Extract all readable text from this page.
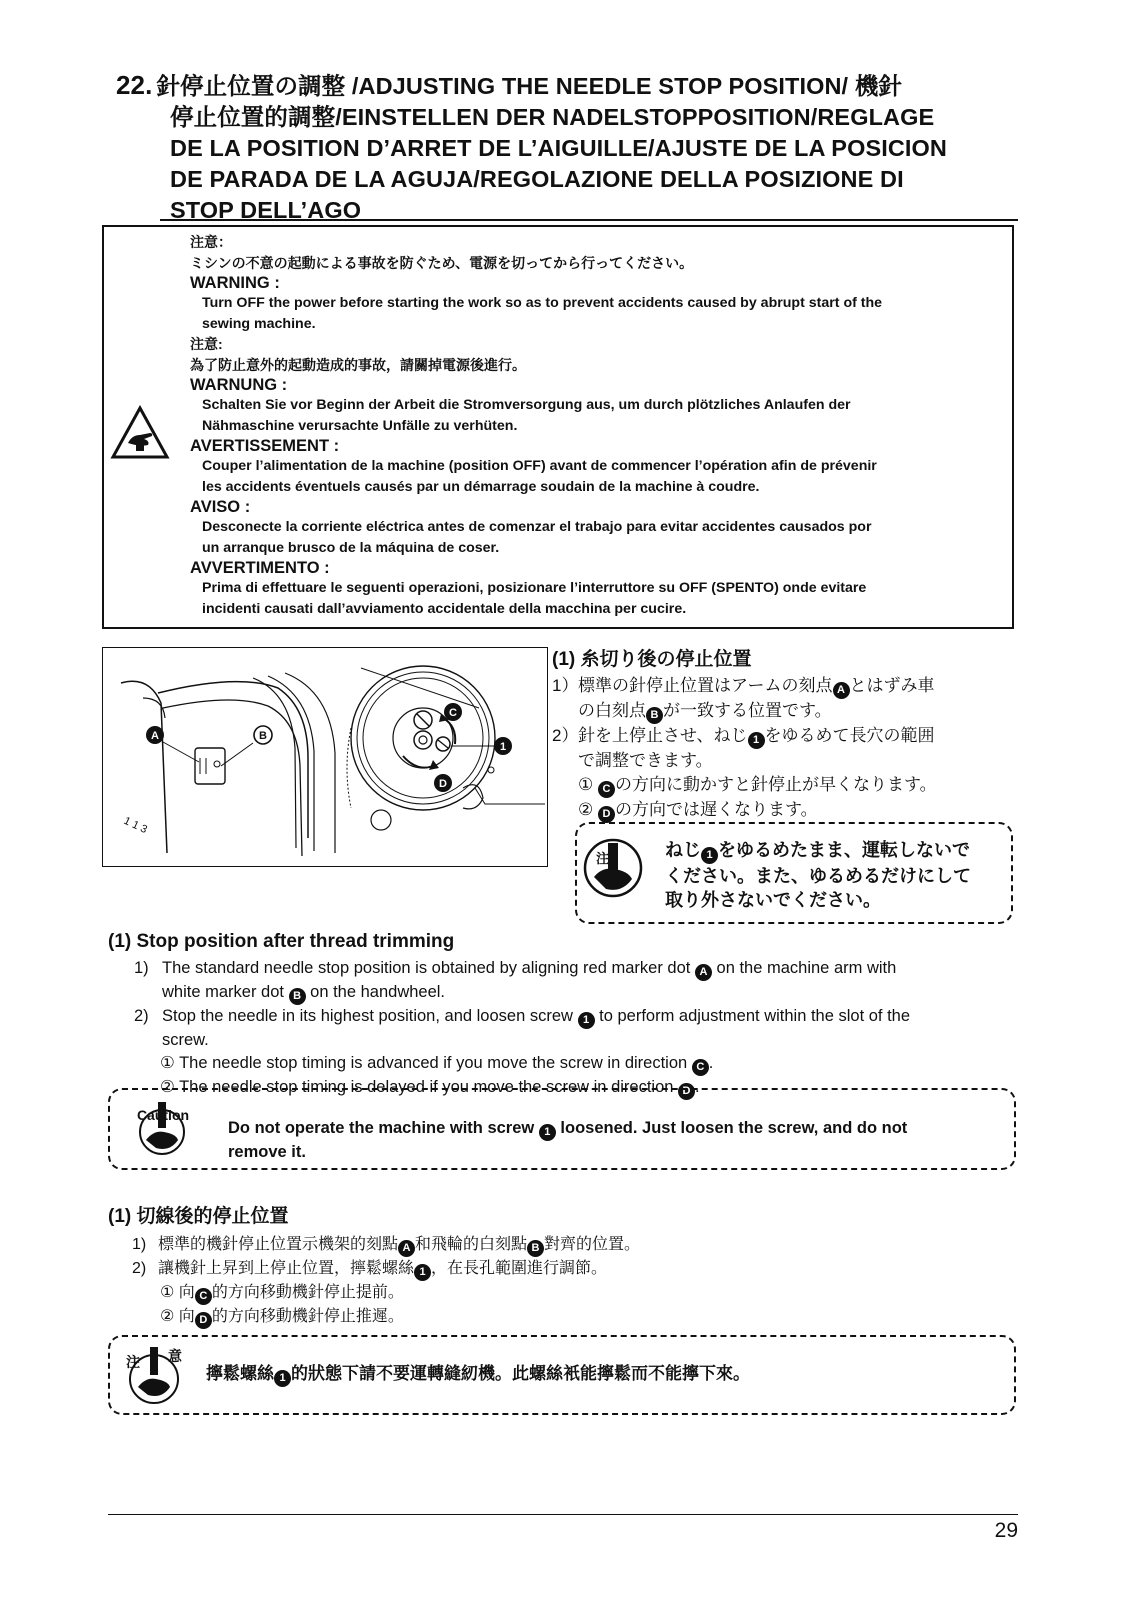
22. 針停止位置の調整 /ADJUSTING THE NEEDLE STOP POSITION/ 機針
停止位置的調整/EINSTELLEN DER NADELSTOPPOSITION/REGLAGE
DE LA POSITION D’ARRET DE L’AIGUILLE/AJUSTE DE LA POSICION
DE PARADA DE LA AGUJA/REGOLAZIONE DELLA POSIZIONE DI
STOP DELL’AGO
注意：
ミシンの不意の起動による事故を防ぐため、電源を切ってから行ってください。
WARNING :
Turn OFF the power before starting the work so as to prevent accidents caused by abrupt start of the
sewing machine.
注意:
為了防止意外的起動造成的事故，請關掉電源後進行。
WARNUNG :
Schalten Sie vor Beginn der Arbeit die Stromversorgung aus, um durch plötzliches Anlaufen der
Nähmaschine verursachte Unfälle zu verhüten.
AVERTISSEMENT :
Couper l’alimentation de la machine (position OFF) avant de commencer l’opération afin de prévenir
les accidents éventuels causés par un démarrage soudain de la machine à coudre.
AVISO :
Desconecte la corriente eléctrica antes de comenzar el trabajo para evitar accidentes causados por
un arranque brusco de la máquina de coser.
AVVERTIMENTO :
Prima di effettuare le seguenti operazioni, posizionare l’interruttore su OFF (SPENTO) onde evitare
incidenti causati dall’avviamento accidentale della macchina per cucire.
A	B
1 1 3
C
D
1
(1) 糸切り後の停止位置
1） 標準の針停止位置はアームの刻点 A とはずみ車
の白刻点 B が一致する位置です。
2） 針を上停止させ、ねじ 1 をゆるめて長穴の範囲
で調整できます。
① C の方向に動かすと針停止が早くなります。
② D の方向では遅くなります。
注 意 ねじ 1 をゆるめたまま、運転しないで
ください。また、ゆるめるだけにして
取り外さないでください。
(1) Stop position after thread trimming
1) The standard needle stop position is obtained by aligning red marker dot A on the machine arm with
white marker dot B on the handwheel.
2) Stop the needle in its highest position, and loosen screw 1 to perform adjustment within the slot of the
screw.
① The needle stop timing is advanced if you move the screw in direction C .
② The needle stop timing is delayed if you move the screw in direction D .
Caution
Do not operate the machine with screw 1 loosened. Just loosen the screw, and do not
remove it.
(1) 切線後的停止位置
1) 標準的機針停止位置示機架的刻點 A 和飛輪的白刻點 B 對齊的位置。
2) 讓機針上昇到上停止位置，擰鬆螺絲 1 ，在長孔範圍進行調節。
① 向 C 的方向移動機針停止提前。
② 向 D 的方向移動機針停止推遲。
注 意
擰鬆螺絲 1 的狀態下請不要運轉縫紉機。此螺絲衹能擰鬆而不能擰下來。
29
